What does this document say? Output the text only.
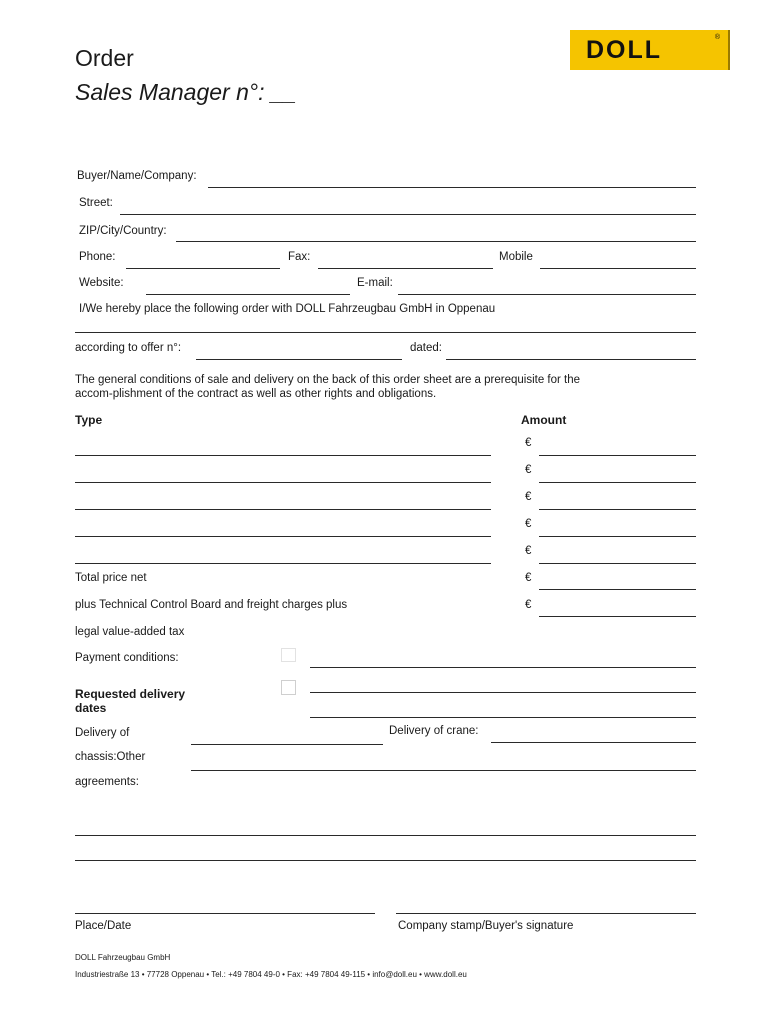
Order
Sales Manager n°: __
DOLL	®
Buyer/Name/Company:
Street:
ZIP/City/Country:
Phone:	Fax:	Mobile
Website:	E-mail:
I/We hereby place the following order with DOLL Fahrzeugbau GmbH in Oppenau
according to offer n°:	dated:
The general conditions of sale and delivery on the back of this order sheet are a prerequisite for the
accom-plishment of the contract as well as other rights and obligations.
Type	Amount
€
€
€
€
€
Total price net	€
plus Technical Control Board and freight charges plus	€
legal value-added tax
Payment conditions:
Requested delivery
dates
Delivery of	Delivery of crane:
chassis:Other
agreements:
Place/Date	Company stamp/Buyer's signature
DOLL Fahrzeugbau GmbH
Industriestraße 13 • 77728 Oppenau • Tel.: +49 7804 49-0 • Fax: +49 7804 49-115 • info@doll.eu • www.doll.eu
